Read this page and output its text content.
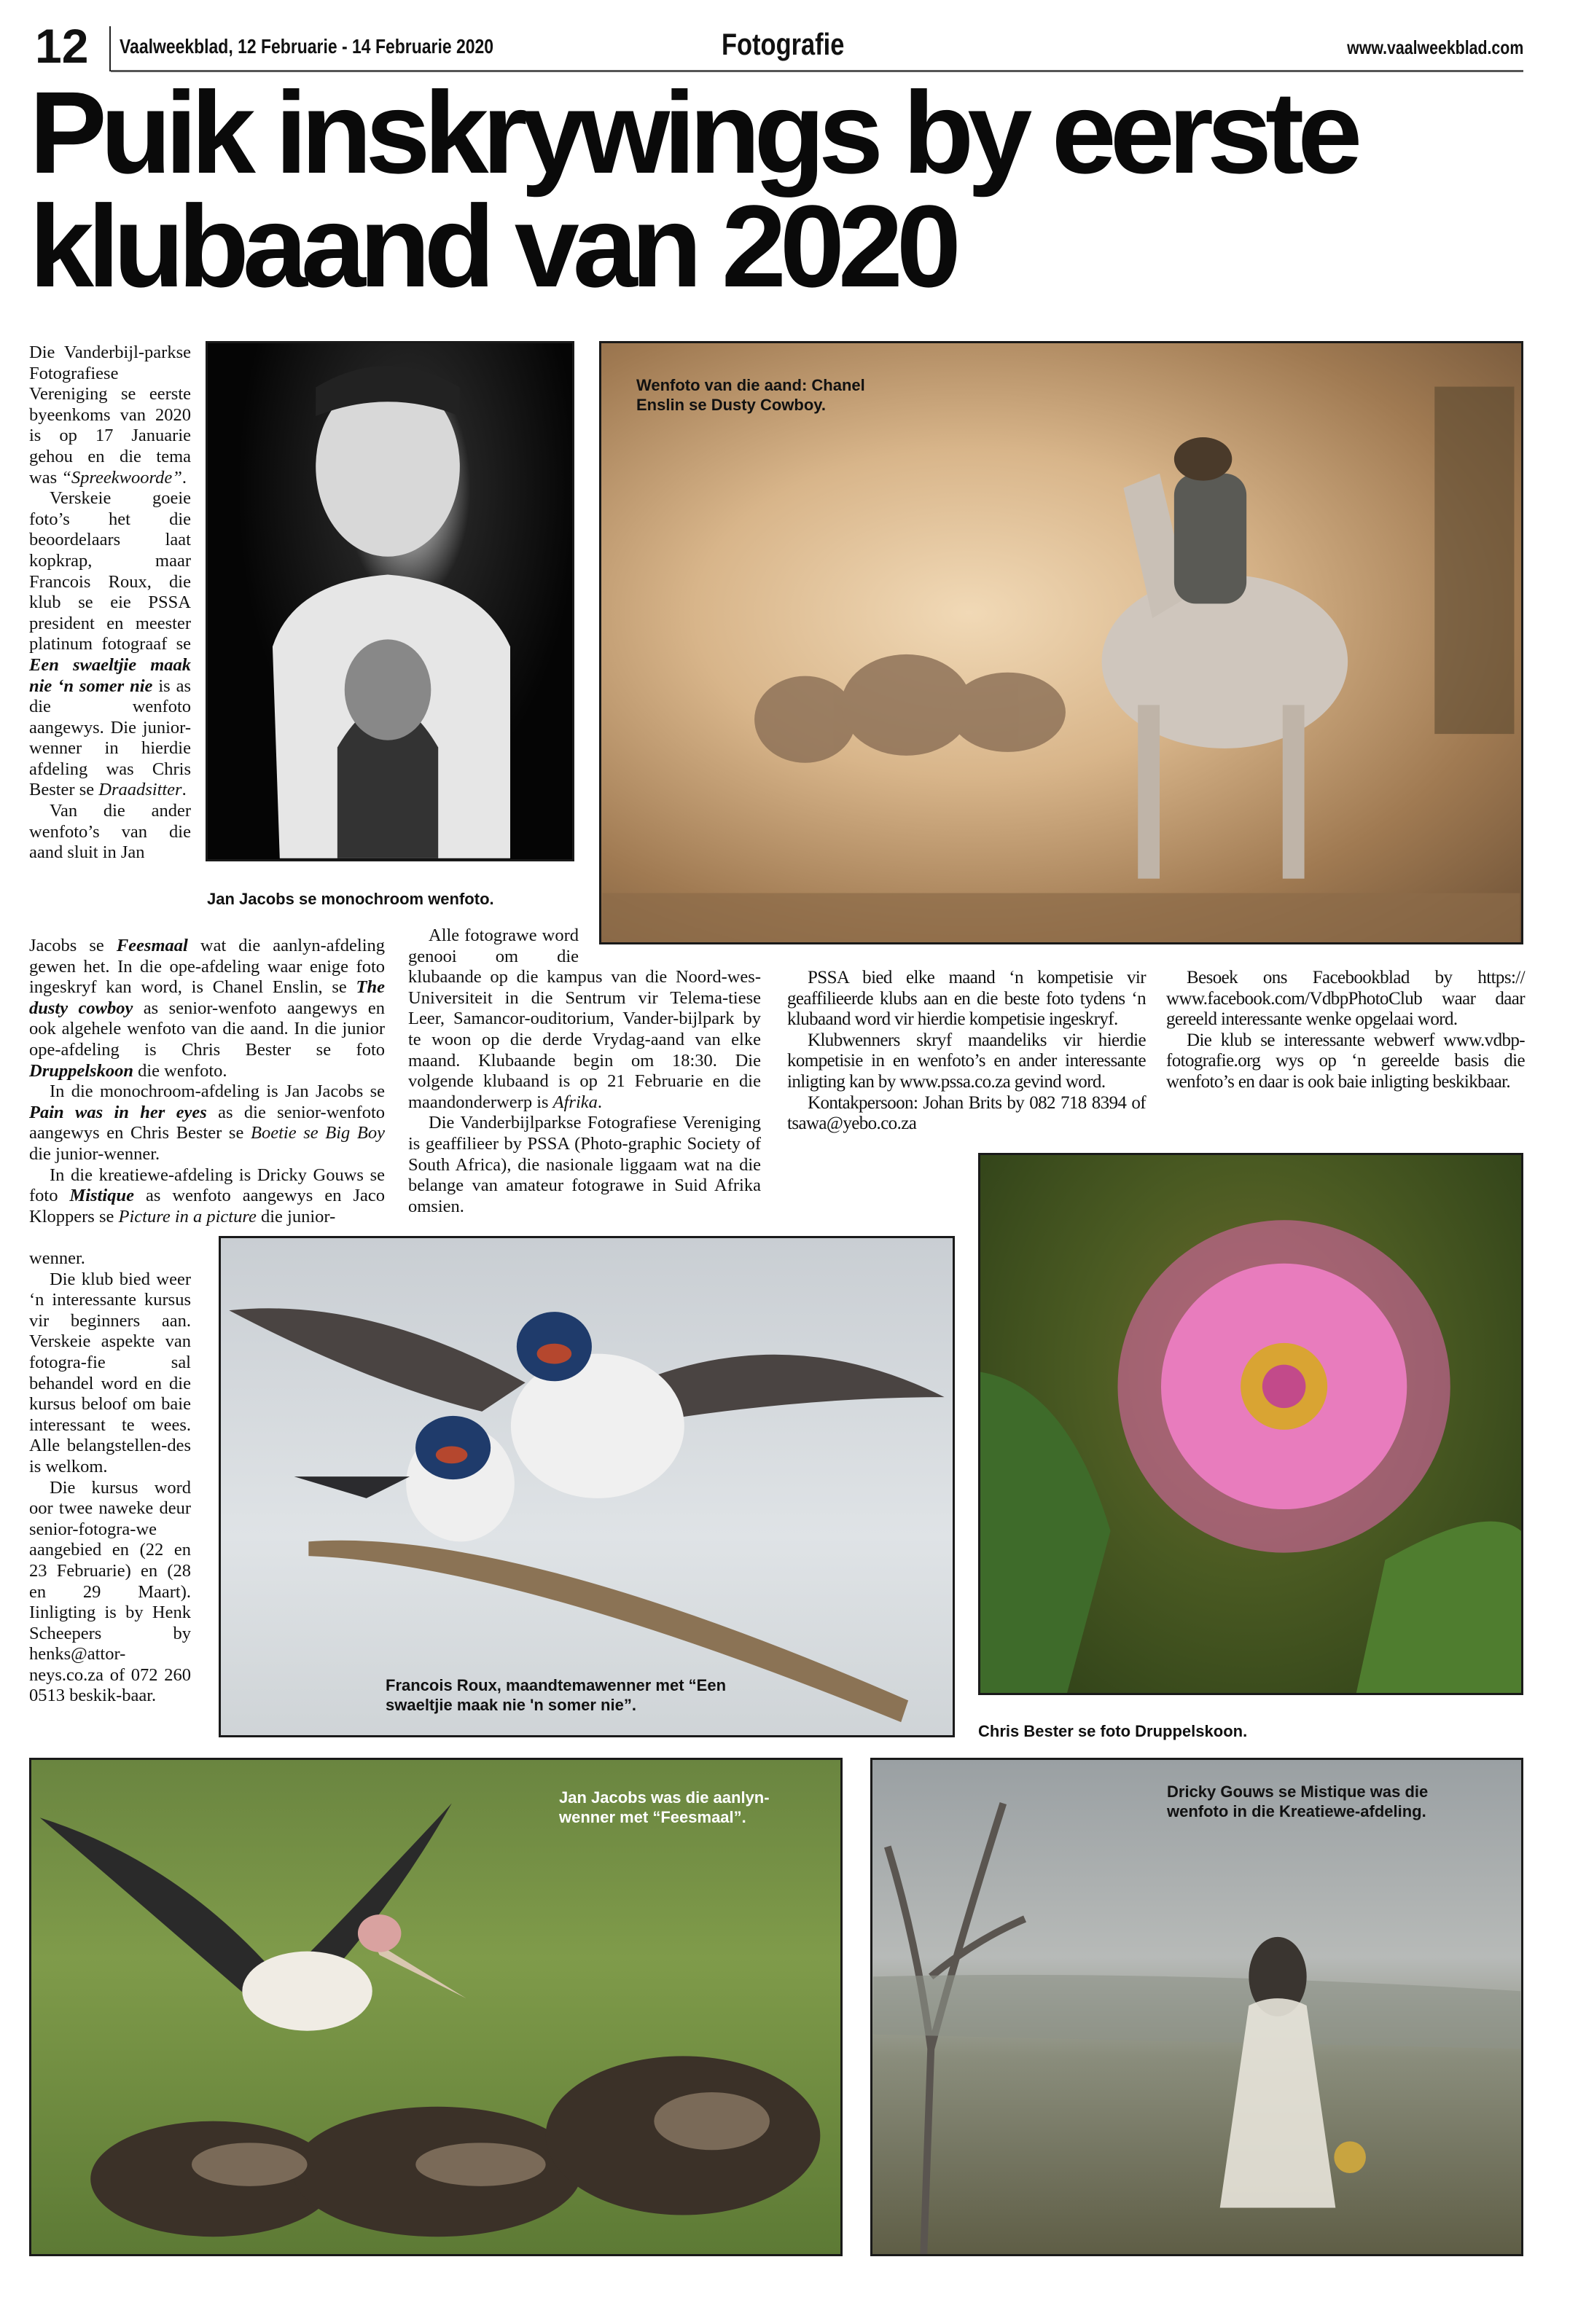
12 Vaalweekblad, 12 Februarie - 14 Februarie 2020	Fotografie	www.vaalweekblad.com
Puik inskrywings by eerste
klubaand van 2020

Die Vanderbijl-parkse Fotografiese Vereniging se eerste byeenkoms van 2020 is op 17 Januarie gehou en die tema was “Spreekwoorde”.

Verskeie goeie foto’s het die beoordelaars laat kopkrap, maar Francois Roux, die klub se eie PSSA president en meester platinum fotograaf se Een swaeltjie maak nie ‘n somer nie is as die wenfoto aangewys. Die junior-wenner in hierdie afdeling was Chris Bester se Draadsitter.

Van die ander wenfoto’s van die aand sluit in Jan

Jacobs se Feesmaal wat die aanlyn-afdeling gewen het. In die ope-afdeling waar enige foto ingeskryf kan word, is Chanel Enslin, se The dusty cowboy as senior-wenfoto aangewys en ook algehele wenfoto van die aand. In die junior ope-afdeling is Chris Bester se foto Druppelskoon die wenfoto.

In die monochroom-afdeling is Jan Jacobs se Pain was in her eyes as die senior-wenfoto aangewys en Chris Bester se Boetie se Big Boy die junior-wenner.

In die kreatiewe-afdeling is Dricky Gouws se foto Mistique as wenfoto aangewys en Jaco Kloppers se Picture in a picture die junior-

wenner.

Die klub bied weer ‘n interessante kursus vir beginners aan. Verskeie aspekte van fotogra-fie sal behandel word en die kursus beloof om baie interessant te wees. Alle belangstellen-des is welkom.

Die kursus word oor twee naweke deur senior-fotogra-we aangebied en (22 en 23 Februarie) en (28 en 29 Maart). Iinligting is by Henk Scheepers by henks@attor-neys.co.za of 072 260 0513 beskik-baar.

Alle fotograwe word genooi om die klubaande op die kampus van die Noord-wes-Universiteit in die Sentrum vir Telema-tiese Leer, Samancor-ouditorium, Vander-bijlpark by te woon op die derde Vrydag-aand van elke maand. Klubaande begin om 18:30. Die volgende klubaand is op 21 Februarie en die maandonderwerp is Afrika.

Die Vanderbijlparkse Fotografiese Vereniging is geaffilieer by PSSA (Photo-graphic Society of South Africa), die nasionale liggaam wat na die belange van amateur fotograwe in Suid Afrika omsien.

PSSA bied elke maand ‘n kompetisie vir geaffilieerde klubs aan en die beste foto tydens ‘n klubaand word vir hierdie kompetisie ingeskryf.

Klubwenners skryf maandeliks vir hierdie kompetisie in en wenfoto’s en ander interessante inligting kan by www.pssa.co.za gevind word.

Kontakpersoon: Johan Brits by 082 718 8394 of tsawa@yebo.co.za

Besoek ons Facebookblad by https:// www.facebook.com/VdbpPhotoClub waar daar gereeld interessante wenke opgelaai word.

Die klub se interessante webwerf www.vdbp-fotografie.org wys op ‘n gereelde basis die wenfoto’s en daar is ook baie inligting beskikbaar.

Jan Jacobs se monochroom wenfoto.
Wenfoto van die aand: Chanel Enslin se Dusty Cowboy.
Francois Roux, maandtemawenner met “Een swaeltjie maak nie 'n somer nie”.
Chris Bester se foto Druppelskoon.
Jan Jacobs was die aanlyn-wenner met “Feesmaal”.
Dricky Gouws se Mistique was die wenfoto in die Kreatiewe-afdeling.
